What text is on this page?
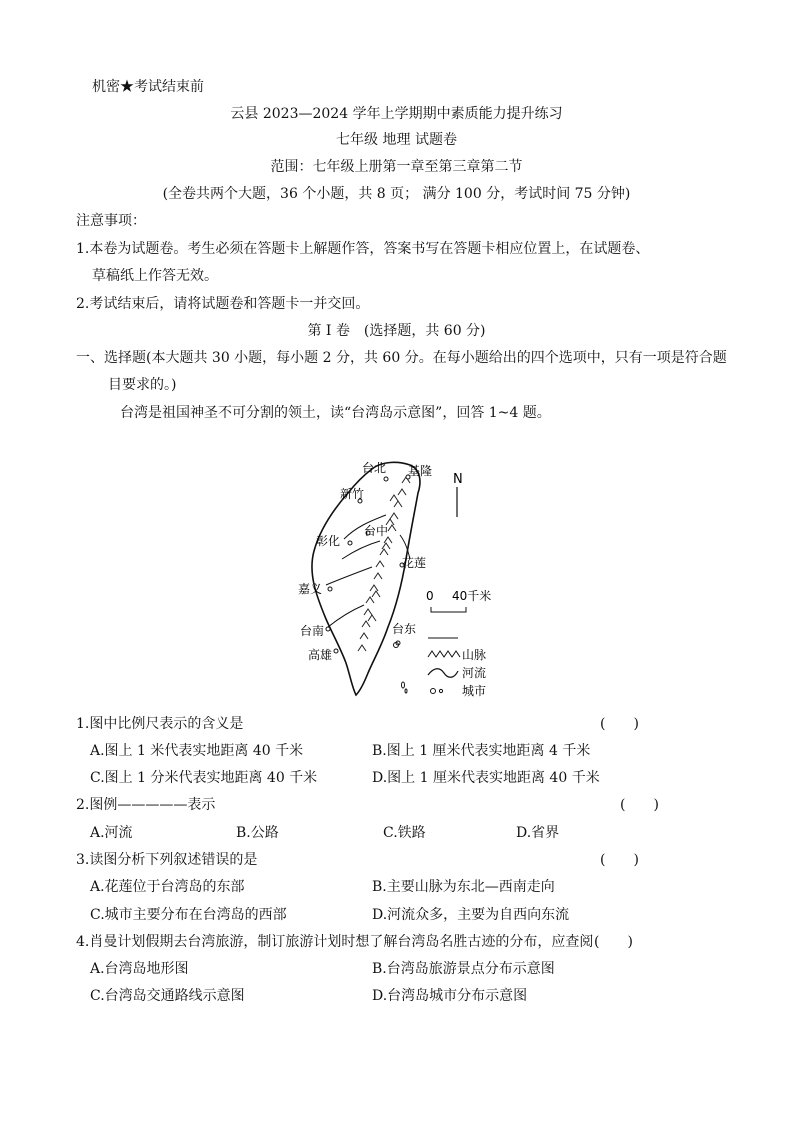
机密★考试结束前
云县 2023—2024 学年上学期期中素质能力提升练习
七年级 地理 试题卷
范围：七年级上册第一章至第三章第二节
(全卷共两个大题，36 个小题，共 8 页； 满分 100 分，考试时间 75 分钟)
注意事项：
1.本卷为试题卷。考生必须在答题卡上解题作答，答案书写在答题卡相应位置上，在试题卷、
草稿纸上作答无效。
2.考试结束后，请将试题卷和答题卡一并交回。
第 I 卷　(选择题，共 60 分)
一、选择题(本大题共 30 小题，每小题 2 分，共 60 分。在每小题给出的四个选项中，只有一项是符合题
目要求的。)
台湾是祖国神圣不可分割的领土，读“台湾岛示意图”，回答 1~4 题。
台北 基隆
新竹
台中
彰化
花莲
嘉义
台南	台东
高雄
N
0 40千米
山脉
河流
城市
1.图中比例尺表示的含义是	(　　)
A.图上 1 米代表实地距离 40 千米	B.图上 1 厘米代表实地距离 4 千米
C.图上 1 分米代表实地距离 40 千米	D.图上 1 厘米代表实地距离 40 千米
2.图例—————表示	(　　)
A.河流	B.公路	C.铁路	D.省界
3.读图分析下列叙述错误的是	(　　)
A.花莲位于台湾岛的东部	B.主要山脉为东北—西南走向
C.城市主要分布在台湾岛的西部	D.河流众多，主要为自西向东流
4.肖曼计划假期去台湾旅游，制订旅游计划时想了解台湾岛名胜古迹的分布，应查阅 (　　)
A.台湾岛地形图	B.台湾岛旅游景点分布示意图
C.台湾岛交通路线示意图	D.台湾岛城市分布示意图
